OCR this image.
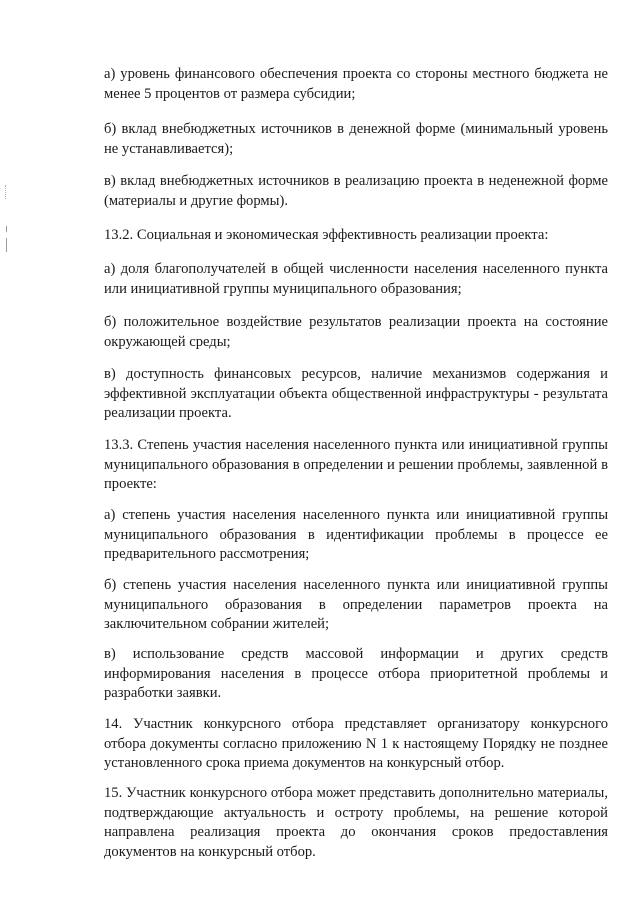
а) уровень финансового обеспечения проекта со стороны местного бюджета не менее 5 процентов от размера субсидии;

б) вклад внебюджетных источников в денежной форме (минимальный уровень не устанавливается);

в) вклад внебюджетных источников в реализацию проекта в неденежной форме (материалы и другие формы).

13.2. Социальная и экономическая эффективность реализации проекта:

а) доля благополучателей в общей численности населения населенного пункта или инициативной группы муниципального образования;

б) положительное воздействие результатов реализации проекта на состояние окружающей среды;

в) доступность финансовых ресурсов, наличие механизмов содержания и эффективной эксплуатации объекта общественной инфраструктуры - результата реализации проекта.

13.3. Степень участия населения населенного пункта или инициативной группы муниципального образования в определении и решении проблемы, заявленной в проекте:

а) степень участия населения населенного пункта или инициативной группы муниципального образования в идентификации проблемы в процессе ее предварительного рассмотрения;

б) степень участия населения населенного пункта или инициативной группы муниципального образования в определении параметров проекта на заключительном собрании жителей;

в) использование средств массовой информации и других средств информирования населения в процессе отбора приоритетной проблемы и разработки заявки.

14. Участник конкурсного отбора представляет организатору конкурсного отбора документы согласно приложению N 1 к настоящему Порядку не позднее установленного срока приема документов на конкурсный отбор.

15. Участник конкурсного отбора может представить дополнительно материалы, подтверждающие актуальность и остроту проблемы, на решение которой направлена реализация проекта до окончания сроков предоставления документов на конкурсный отбор.
